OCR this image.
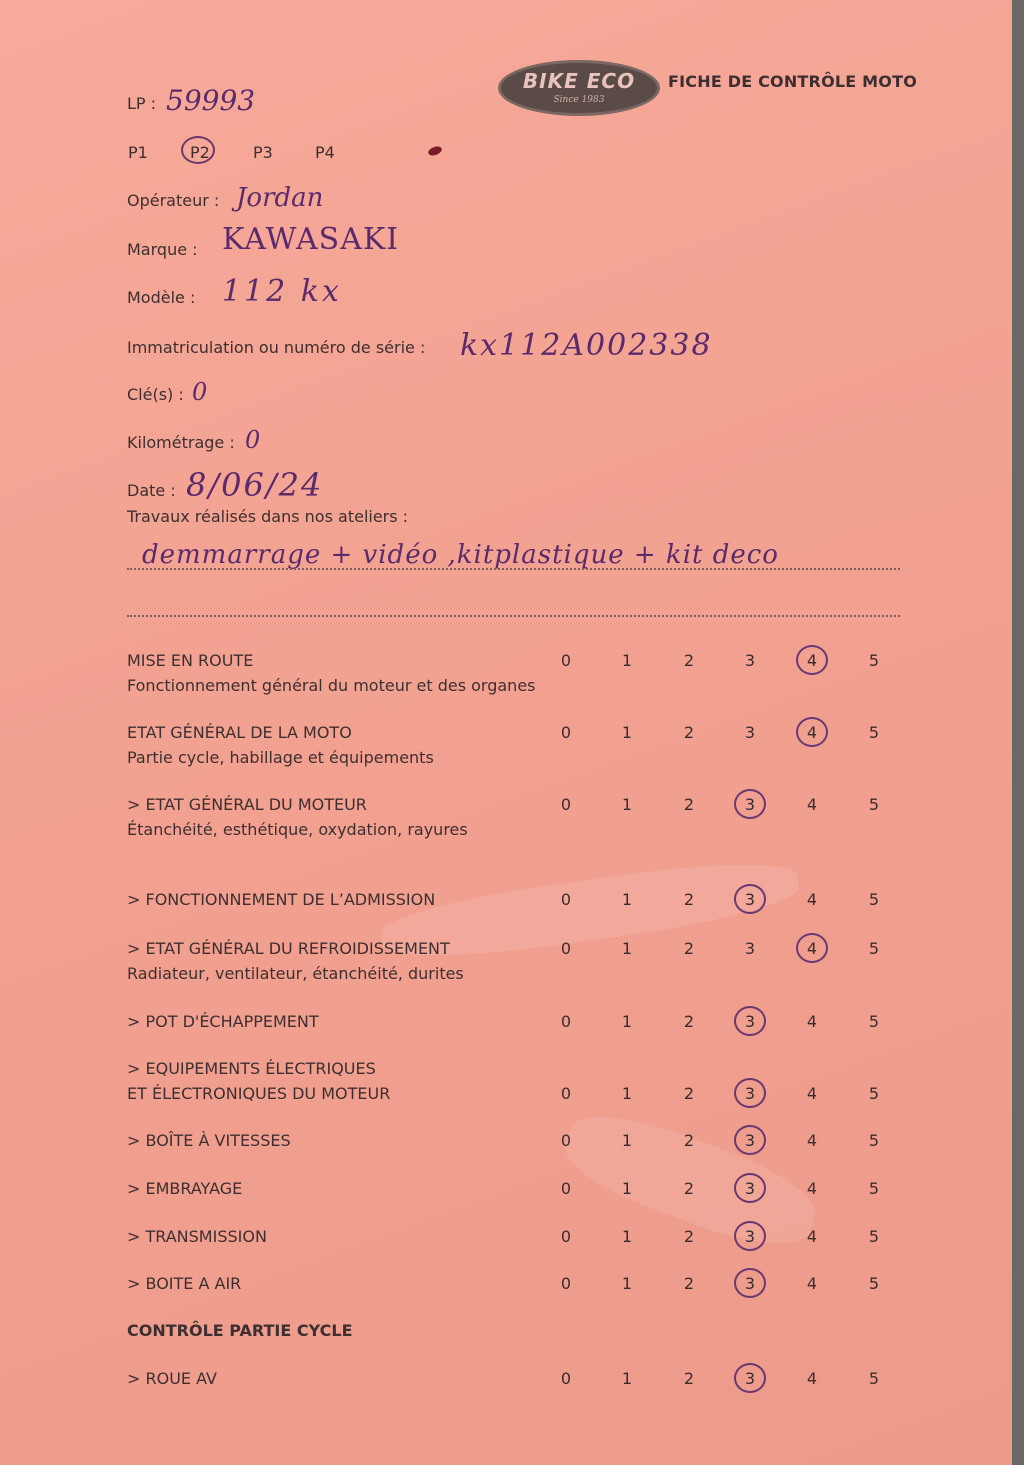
BIKE ECO
Since 1983
FICHE DE CONTRÔLE MOTO
LP : 59993
P1	P2	P3	P4
Opérateur : Jordan
Marque : KAWASAKI
Modèle : 112 kx
Immatriculation ou numéro de série : kx112A002338
Clé(s) : 0
Kilométrage : 0
Date : 8/06/24
Travaux réalisés dans nos ateliers :
demmarrage + vidéo ,kitplastique + kit deco
MISE EN ROUTE
Fonctionnement général du moteur et des organes
0	1	2	3	4	5
ETAT GÉNÉRAL DE LA MOTO
Partie cycle, habillage et équipements
0	1	2	3	4	5
> ETAT GÉNÉRAL DU MOTEUR
Étanchéité, esthétique, oxydation, rayures
0	1	2	3	4	5
> FONCTIONNEMENT DE L’ADMISSION	0	1	2	3	4	5
> ETAT GÉNÉRAL DU REFROIDISSEMENT
Radiateur, ventilateur, étanchéité, durites
0	1	2	3	4	5
> POT D'ÉCHAPPEMENT	0	1	2	3	4	5
> EQUIPEMENTS ÉLECTRIQUES
ET ÉLECTRONIQUES DU MOTEUR	0	1	2	3	4	5
> BOÎTE À VITESSES	0	1	2	3	4	5
> EMBRAYAGE	0	1	2	3	4	5
> TRANSMISSION	0	1	2	3	4	5
> BOITE A AIR	0	1	2	3	4	5
> ROUE AV	0	1	2	3	4	5
CONTRÔLE PARTIE CYCLE
